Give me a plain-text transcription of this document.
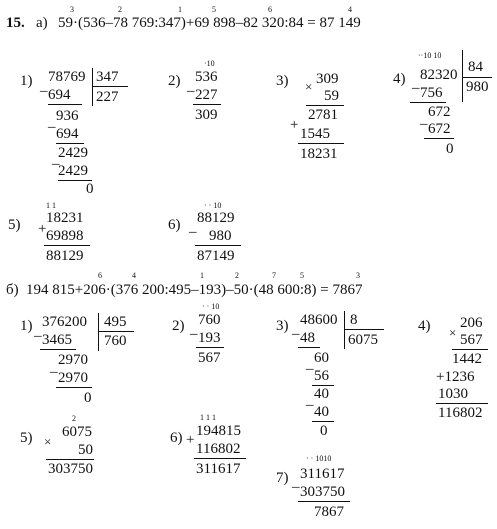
15. а) 59·(536–78 769:347)+69 898–82 320:84 = 87 149
3	2	1	5	6	4
1) _
78769 347
227
694
_ 936
694
_
2429
2429
0
2)
·10
_
536
227
309
3) × 309
59
2781
+
1545
18231
4)
··10 10
_ 82320 84
980
756
_ 672
672
0
5)
1 1
+
18231
69898
88129
6)
· · 10
_
88129
980
87149
б) 194 815+206·(376 200:495–193)–50·(48 600:8) = 7867
6	4	1	2	7	5	3
1) _
376200 495
760
3465
_ 2970
2970
0
2)
· · 10
_
760
193
567
3) _
48600 8
6075
48
_ 60
56
_ 40
40
0
4) ×
206
567
1442
+1236
1030
116802
5)
2
×
6075
50
303750
6)
1 1 1
+
194815
116802
311617
7)
· · 1010
_ 311617
303750
7867
